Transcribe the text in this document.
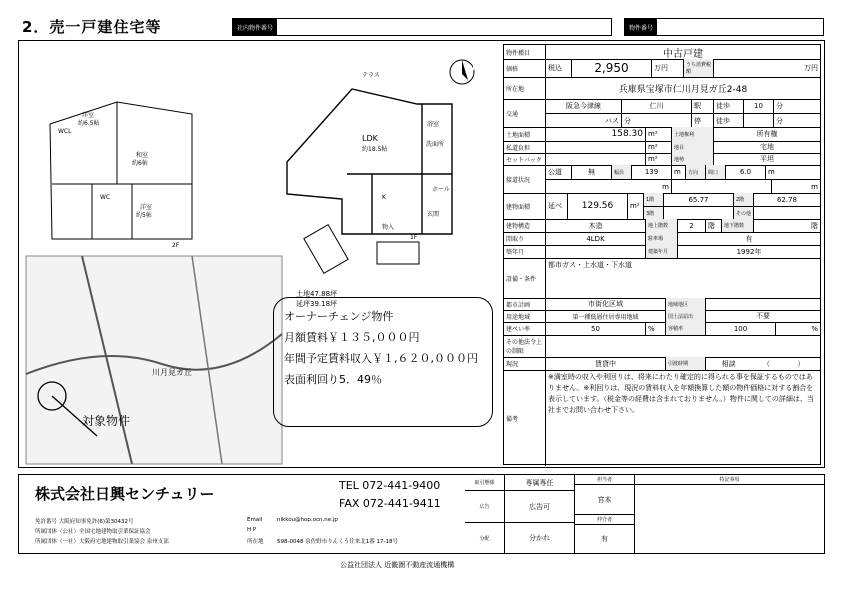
2．売一戸建住宅等	社内物件番号	物件番号
テラス
LDK
約18.5帖
洋室
約6.5帖
和室
約6帖
洋室
約5帖
WCL
WC
浴室
洗面所
玄関
ホール
K
物入
2F
1F
土地47.88坪
延坪39.18坪
川月見ガ丘
対象物件
N
オーナーチェンジ物件
月額賃料￥１３５,０００円
年間予定賃料収入￥１,６２０,０００円
表面利回り5．49％
物件種目	中古戸建
価格	税込	2,950	万円	うち消費税額	万円
所在地	兵庫県宝塚市仁川月見ガ丘2-48
交通
阪急今津線	仁川	駅	徒歩	10	分
バス 分	停	徒歩	分
土地面積	158.30 m²	土地権利	所有権
私道負担	m²	地目	宅地
セットバック	m²	地勢	平坦
接道状況
公道	無	幅員	139	m	方向	間口	6.0	m
m	m
建物面積	延べ	129.56	m²
1階	65.77	2階	62.78
3階	その他
建物構造	木造	地上階数	2	階	地下階数	階
間取り	4LDK	駐車場	有
築年月	建築年月	1992年
設備・条件
都市ガス・上水道・下水道
都市計画	市街化区域	地域地区
用途地域	第一種低層住居専用地域	国土法届出	不要
建ぺい率	50	%	容積率	100	%
その他法令上の制限
現況	賃貸中	引渡時期	相談	（	）
備考
※満室時の収入や利回りは、将来にわたり確定的に得られる事を保証するものではありません。※利回りは、現況の賃料収入を年額換算した額の物件価格に対する割合を表示しています。（税金等の経費は含まれておりません。）物件に関しての詳細は、当社までお問い合わせ下さい。
株式会社日興センチュリー	TEL 072-441-9400
FAX 072-441-9411
免許番号 大阪府知事免許(6)第30432号
所属団体（公社）全国宅地建物取引業保証協会
所属団体（一社）大阪府宅地建物取引業協会 泉州支部
Email	nikkou@hop.ocn.ne.jp
H P
所在地 598-0048 泉佐野市りんくう往来北1番 17-18号
取引態様	専属専任
広告	広告可
分配	分かれ
担当者
宮本
仲介者
有
特記事項
公益社団法人 近畿圏不動産流通機構
